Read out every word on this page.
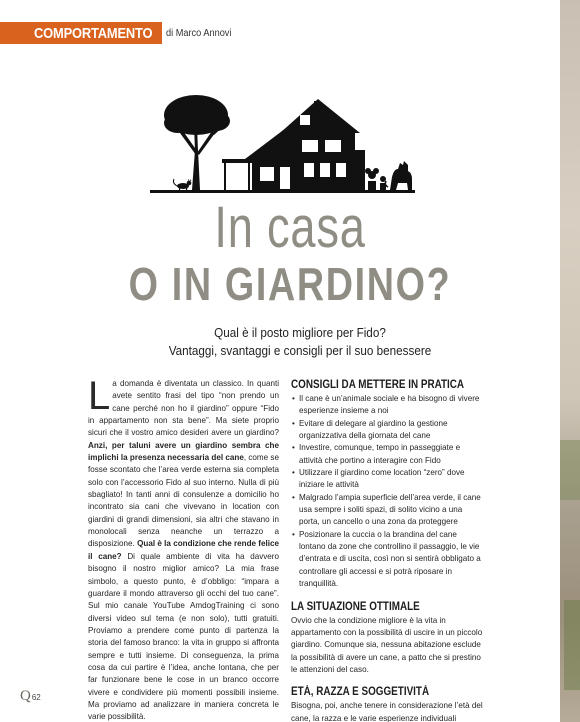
COMPORTAMENTO di Marco Annovi
In casa
O IN GIARDINO?
Qual è il posto migliore per Fido?
Vantaggi, svantaggi e consigli per il suo benessere

La domanda è diventata un classico. In quanti avete sentito frasi del tipo “non prendo un cane perché non ho il giardino” oppure “Fido in appartamento non sta bene”. Ma siete proprio sicuri che il vostro amico desideri avere un giardino? Anzi, per taluni avere un giardino sembra che implichi la presenza necessaria del cane, come se fosse scontato che l’area verde esterna sia completa solo con l’accessorio Fido al suo interno. Nulla di più sbagliato! In tanti anni di consulenze a domicilio ho incontrato sia cani che vivevano in location con giardini di grandi dimensioni, sia altri che stavano in monolocali senza neanche un terrazzo a disposizione. Qual è la condizione che rende felice il cane? Di quale ambiente di vita ha davvero bisogno il nostro miglior amico? La mia frase simbolo, a questo punto, è d’obbligo: “impara a guardare il mondo attraverso gli occhi del tuo cane”. Sul mio canale YouTube AmdogTraining ci sono diversi video sul tema (e non solo), tutti gratuiti. Proviamo a prendere come punto di partenza la storia del famoso branco: la vita in gruppo si affronta sempre e tutti insieme. Di conseguenza, la prima cosa da cui partire è l’idea, anche lontana, che per far funzionare bene le cose in un branco occorre vivere e condividere più momenti possibili insieme. Ma proviamo ad analizzare in maniera concreta le varie possibilità.

CONSIGLI DA METTERE IN PRATICA
• Il cane è un’animale sociale e ha bisogno di vivere esperienze insieme a noi
• Evitare di delegare al giardino la gestione organizzativa della giornata del cane
• Investire, comunque, tempo in passeggiate e attività che portino a interagire con Fido
• Utilizzare il giardino come location “zero” dove iniziare le attività
• Malgrado l’ampia superficie dell’area verde, il cane usa sempre i soliti spazi, di solito vicino a una porta, un cancello o una zona da proteggere
• Posizionare la cuccia o la brandina del cane lontano da zone che controllino il passaggio, le vie d’entrata e di uscita, così non si sentirà obbligato a controllare gli accessi e si potrà riposare in tranquillità.
LA SITUAZIONE OTTIMALE
Ovvio che la condizione migliore è la vita in appartamento con la possibilità di uscire in un piccolo giardino. Comunque sia, nessuna abitazione esclude la possibilità di avere un cane, a patto che si prestino le attenzioni del caso.
ETÀ, RAZZA E SOGGETIVITÀ
Bisogna, poi, anche tenere in considerazione l’età del cane, la razza e le varie esperienze individuali
Q62
